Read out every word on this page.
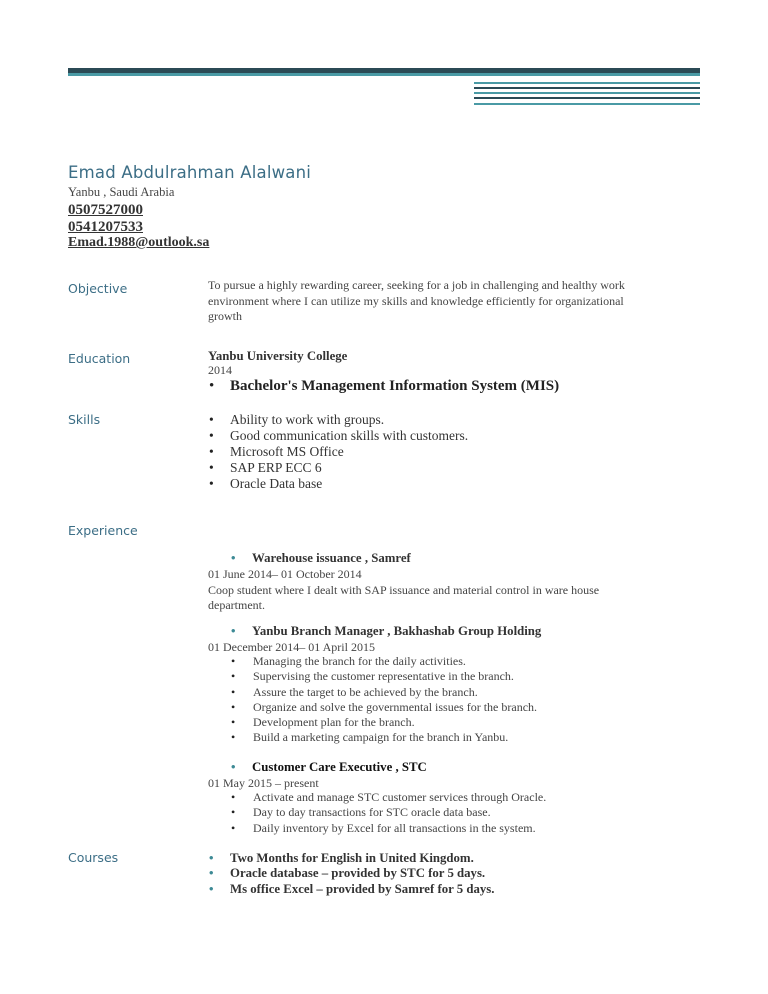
Emad Abdulrahman Alalwani
Yanbu , Saudi Arabia
0507527000
0541207533
Emad.1988@outlook.sa
Objective	To pursue a highly rewarding career, seeking for a job in challenging and healthy work
environment where I can utilize my skills and knowledge efficiently for organizational
growth
Education	Yanbu University College
2014
• Bachelor's Management Information System (MIS)
Skills	• Ability to work with groups.
• Good communication skills with customers.
• Microsoft MS Office
• SAP ERP ECC 6
• Oracle Data base
Experience
• Warehouse issuance , Samref
01 June 2014– 01 October 2014
Coop student where I dealt with SAP issuance and material control in ware house
department.
• Yanbu Branch Manager , Bakhashab Group Holding
01 December 2014– 01 April 2015
• Managing the branch for the daily activities.
• Supervising the customer representative in the branch.
• Assure the target to be achieved by the branch.
• Organize and solve the governmental issues for the branch.
• Development plan for the branch.
• Build a marketing campaign for the branch in Yanbu.
• Customer Care Executive , STC
01 May 2015 – present
• Activate and manage STC customer services through Oracle.
• Day to day transactions for STC oracle data base.
• Daily inventory by Excel for all transactions in the system.
Courses	• Two Months for English in United Kingdom.
• Oracle database – provided by STC for 5 days.
• Ms office Excel – provided by Samref for 5 days.
